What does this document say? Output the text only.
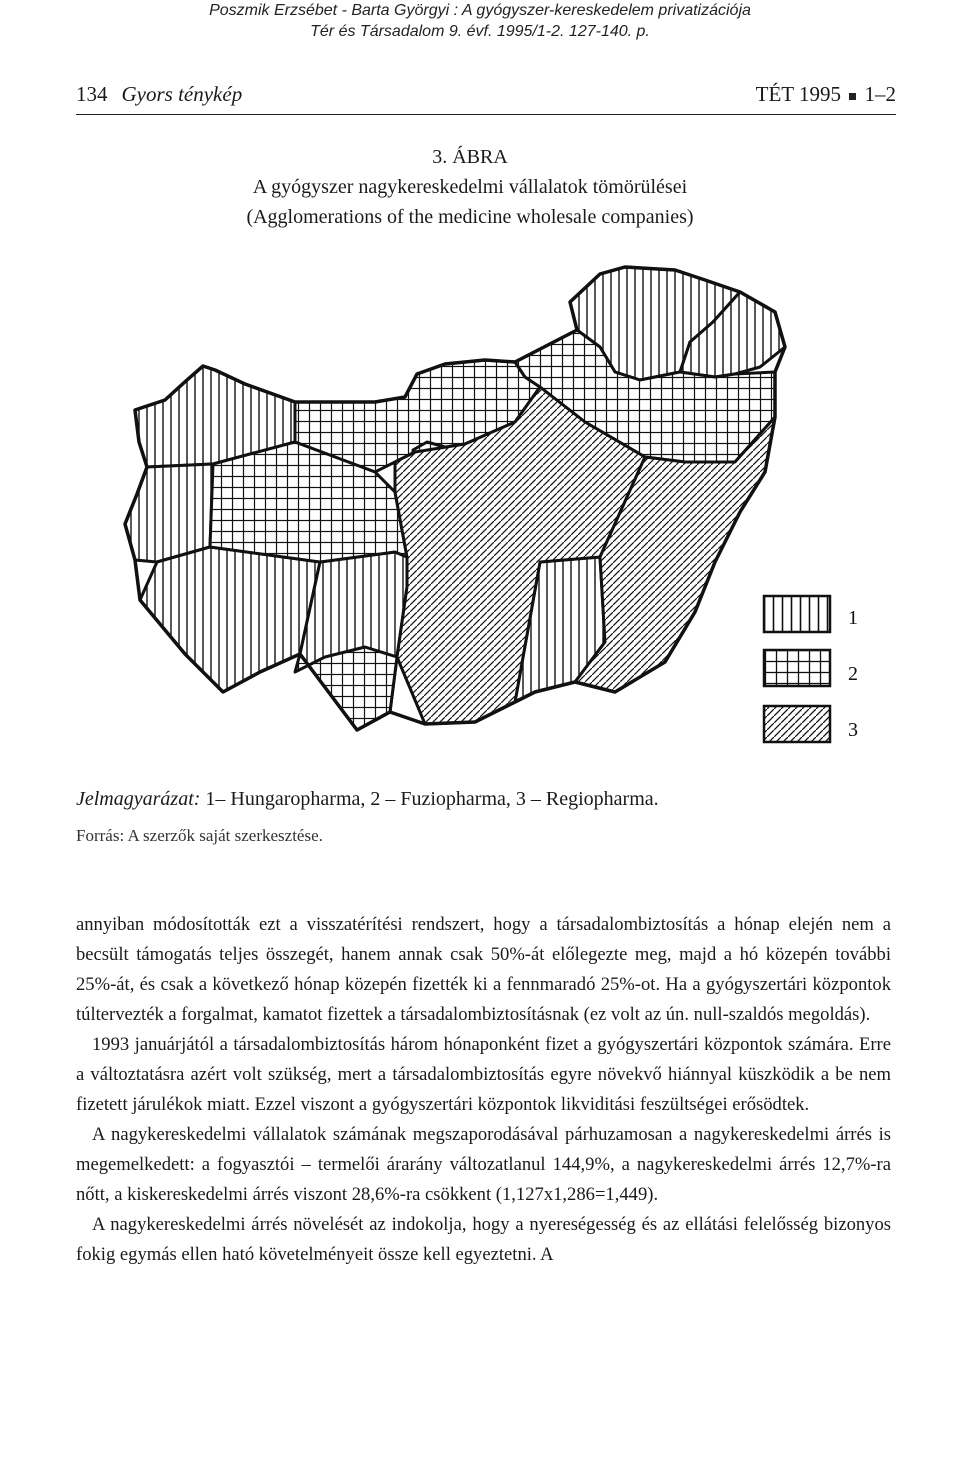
Poszmik Erzsébet - Barta Györgyi : A gyógyszer-kereskedelem privatizációja
Tér és Társadalom 9. évf. 1995/1-2. 127-140. p.
134 Gyors ténykép	TÉT 1995 1–2
3. ÁBRA
A gyógyszer nagykereskedelmi vállalatok tömörülései
(Agglomerations of the medicine wholesale companies)
1
2
3
Jelmagyarázat: 1– Hungaropharma, 2 – Fuziopharma, 3 – Regiopharma.
Forrás: A szerzők saját szerkesztése.

annyiban módosították ezt a visszatérítési rendszert, hogy a társadalombiztosítás a hónap elején nem a becsült támogatás teljes összegét, hanem annak csak 50%-át előlegezte meg, majd a hó közepén további 25%-át, és csak a következő hónap közepén fizették ki a fennmaradó 25%-ot. Ha a gyógyszertári központok túltervezték a forgalmat, kamatot fizettek a társadalombiztosításnak (ez volt az ún. null-szaldós megoldás).

1993 januárjától a társadalombiztosítás három hónaponként fizet a gyógyszertári központok számára. Erre a változtatásra azért volt szükség, mert a társadalombiztosítás egyre növekvő hiánnyal küszködik a be nem fizetett járulékok miatt. Ezzel viszont a gyógyszertári központok likviditási feszültségei erősödtek.

A nagykereskedelmi vállalatok számának megszaporodásával párhuzamosan a nagykereskedelmi árrés is megemelkedett: a fogyasztói – termelői árarány változatlanul 144,9%, a nagykereskedelmi árrés 12,7%-ra nőtt, a kiskereskedelmi árrés viszont 28,6%-ra csökkent (1,127x1,286=1,449).

A nagykereskedelmi árrés növelését az indokolja, hogy a nyereségesség és az ellátási felelősség bizonyos fokig egymás ellen ható követelményeit össze kell egyeztetni. A
